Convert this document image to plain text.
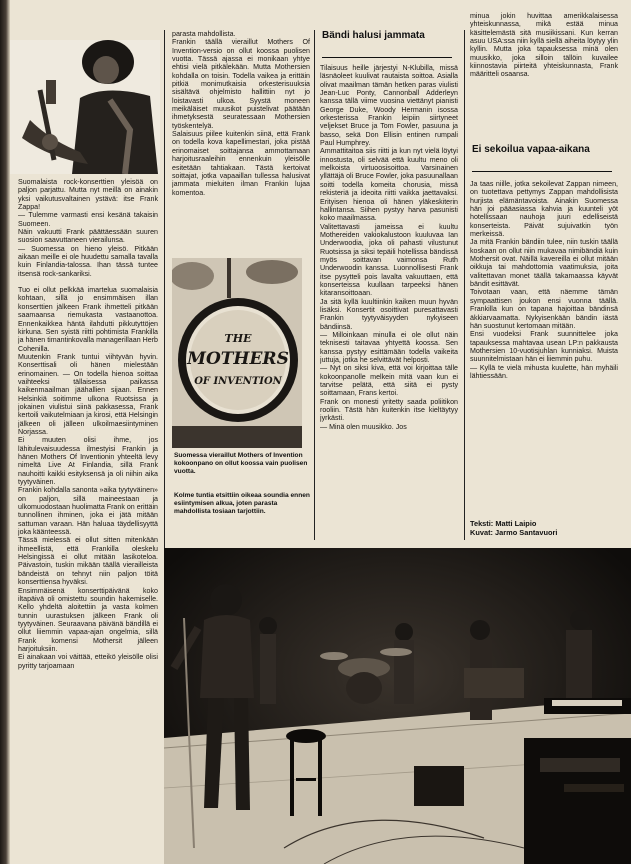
Suomalaista rock-konserttien yleisöä on paljon parjattu. Mutta nyt meillä on ainakin yksi vaikutusvaltainen ystävä: itse Frank Zappa!

— Tulemme varmasti ensi kesänä takaisin Suomeen.

Näin vakuutti Frank päättäessään suuren suosion saavuttaneen vierailunsa.

— Suomessa on hieno yleisö. Pitkään aikaan meille ei ole huudettu samalla tavalla kuin Finlandia-talossa. Ihan tässä tuntee itsensä rock-sankariksi.

Tuo ei ollut pelkkää imartelua suomalaisia kohtaan, sillä jo ensimmäisen illan konserttien jälkeen Frank ihmetteli pitkään saamaansa riemukasta vastaanottoa. Ennenkaikkea häntä ilahdutti pikkutyttöjen kirkuna. Sen syistä riitti pohtimista Frankilla ja hänen timantinkovalla managerillaan Herb Cohenilla.

Muutenkin Frank tuntui viihtyvän hyvin. Konserttisali oli hänen mielestään erinomainen. — On todella hienoa soittaa vaihteeksi tällaisessa paikassa kaikenmaailman jäähallien sijaan. Ennen Helsinkiä soitimme ulkona Ruotsissa ja jokainen viulistui siinä pakkasessa, Frank kertoili vaikutelmiaan ja kirosi, että Helsingin jälkeen oli jälleen ulkoilmaesiintyminen Norjassa.

Ei muuten olisi ihme, jos lähitulevaisuudessa ilmestyisi Frankin ja hänen Mothers Of Inventionin yhteeltä levy nimeltä Live At Finlandia, sillä Frank nauhoitti kaikki esityksensä ja oli niihin aika tyytyväinen.

Frankin kohdalla sanonta »aika tyytyväinen» on paljon, sillä maineestaan ja ulkomuodostaan huolimatta Frank on erittäin tunnollinen ihminen, joka ei jätä mitään sattuman varaan. Hän haluaa täydellisyyttä joka käänteessä.

Tässä mielessä ei ollut sitten mitenkään ihmeellistä, että Frankilla oleskelu Helsingissä ei ollut mitään lasikoteloa. Päivastoin, tuskin mikään täällä vierailleista bändeistä on tehnyt niin paljon töitä konserttiensa hyväksi.

Ensimmäisenä konserttipäivänä koko iltapäivä oli omistettu soundin hakemiselle. Kello yhdeltä aloitettiin ja vasta kolmen tunnin uurastuksen jälkeen Frank oli tyytyväinen. Seuraavana päivänä bändillä ei ollut liiemmin vapaa-ajan ongelmia, sillä Frank komensi Mothersit jälleen harjoituksiin.

Ei ainakaan voi väittää, etteikö yleisölle olisi pyritty tarjoamaan

parasta mahdollista.

Frankin täällä vieraillut Mothers Of Invention-versio on ollut koossa puolisen vuotta. Tässä ajassa ei monikaan yhtye ehtisi vielä pitkälekään. Mutta Mothersien kohdalla on toisin. Todella vaikea ja erittäin pitkiä monimutkaisia orkesterisuuksia sisältävä ohjelmisto hallittiin nyt jo loistavasti ulkoa. Syystä moneen meikäläiset muusikot puistelivat päätään ihmetyksestä seuratessaan Mothersien työskentelyä.

Salaisuus piilee kuitenkin siinä, että Frank on todella kova kapellimestari, joka pistää erinomaiset soittajansa ammottamaan harjoitusraaleihin ennenkuin yleisölle esitetään tahtiakaan. Tästä kertoivat soittajat, jotka vapaaillan tullessa halusivat jammata mieluiten ilman Frankin lujaa komentoa.

THE
MOTHERS
OF INVENTION
Suomessa vieraillut Mothers of Invention kokoonpano on ollut koossa vain puolisen vuotta.
Kolme tuntia etsittiin oikeaa soundia ennen esiintymisen alkua, joten parasta mahdollista tosiaan tarjottiin.
Bändi halusi jammata

Tilaisuus heille järjestyi N-Klubilla, missä läsnäoleet kuulivat rautaista soittoa. Asialla olivat maailman tämän hetken paras viulisti Jean-Luc Ponty, Cannonball Adderleyn kanssa tällä viime vuosina viettänyt pianisti George Duke, Woody Hermanin isossa orkesterissa Frankin leipiin siirtyneet veljekset Bruce ja Tom Fowler, pasuuna ja basso, sekä Don Ellisin entinen rumpali Paul Humphrey.

Ammattitaitoa siis riitti ja kun nyt vielä löytyi innostusta, oli selvää että kuultu meno oli melkoista virtuoosisoittoa. Varsinainen yllättäjä oli Bruce Fowler, joka pasuunallaan soitti todella komeita chorusia, missä rekisteriä ja ideoita riitti vaikka jaettavaksi. Erityisen hienoa oli hänen yläkeskiterin hallintansa. Siihen pystyy harva pasunisti koko maailmassa.

Valitettavasti jameissa ei kuultu Mothereiden vakiokalustoon kuuluvaa Ian Underwoodia, joka oli pahasti vilustunut Ruotsissa ja siksi tepäili hotellissa bändissä myös soittavan vaimonsa Ruth Underwoodin kanssa. Luonnollisesti Frank itse pysytteli pois lavalta vakuuttaen, että konserteissa kuullaan tarpeeksi hänen kitaransoittoaan.

Ja sitä kyllä kuultiinkin kaiken muun hyvän lisäksi. Konsertit osoittivat puresattavasti Frankin tyytyväisyyden nykyiseen bändiinsä.

— Milloinkaan minulla ei ole ollut näin teknisesti taitavaa yhtyettä koossa. Sen kanssa pystyy esittämään todella vaikeita juttuja, jotka he selvittävät helposti.

— Nyt on siksi kiva, että voi kirjoittaa tälle kokoonpanolle melkein mitä vaan kun ei tarvitse pelätä, että siitä ei pysty soittamaan, Frans kertoi.

Frank on monesti yritetty saada poliitikon rooliin. Tästä hän kuitenkin itse kieltäytyy jyrkästi.

— Minä olen muusikko. Jos

minua jokin huvittaa amerikkalaisessa yhteiskunnassa, mikä estää minua käsittelemästä sitä musiikissani. Kun kerran asuu USA:ssa niin kyllä siellä aiheita löytyy ylin kyllin. Mutta joka tapauksessa minä olen muusikko, joka silloin tällöin kuvailee kiinnostavia piirteitä yhteiskunnasta, Frank määritteli osaansa.

Ei sekoilua vapaa-aikana

Ja taas niille, jotka sekoilevat Zappan nimeen, on tuotettava pettymys Zappan mahdollisista hurjista elämäntavoista. Ainakin Suomessa hän joi pääasiassa kahvia ja kuunteli yöt hotellissaan nauhoja juuri edelliseistä konserteista. Päivät sujuivatkin työn merkeissä.

Ja mitä Frankin bändiin tulee, niin tuskin täällä koskaan on ollut niin mukavaa nimibändiä kuin Mothersit ovat. Näillä kavereilla ei ollut mitään oikkuja tai mahdottomia vaatimuksia, joita valitettavan monet täällä takamaassa käyvät bändit esittävät.

Toivotaan vaan, että näemme tämän sympaattisen joukon ensi vuonna täällä. Frankilla kun on tapana hajoittaa bändinsä äkkiarvaamatta. Nykyisenkään bändin iästä hän suostunut kertomaan mitään.

Ensi vuodeksi Frank suunnittelee joka tapauksessa mahtavaa usean LP:n pakkausta Mothersien 10-vuotisjuhlan kunniaksi. Muista suunnitelmistaan hän ei liiemmin puhu.

— Kyllä te vielä mihusta kuulette, hän myhäili lähtiessään.

Teksti: Matti Laipio
Kuvat: Jarmo Santavuori
